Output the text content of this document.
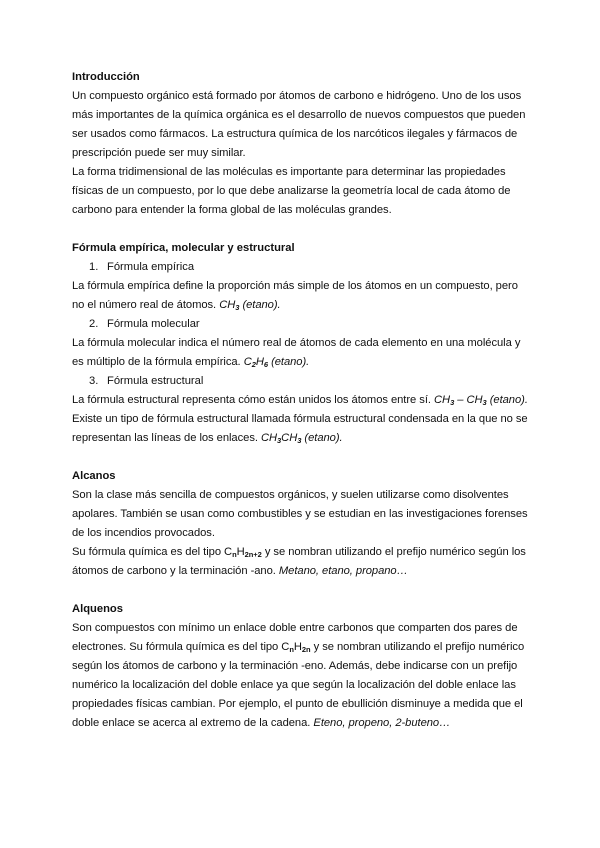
Introducción

Un compuesto orgánico está formado por átomos de carbono e hidrógeno. Uno de los usos más importantes de la química orgánica es el desarrollo de nuevos compuestos que pueden ser usados como fármacos. La estructura química de los narcóticos ilegales y fármacos de prescripción puede ser muy similar.

La forma tridimensional de las moléculas es importante para determinar las propiedades físicas de un compuesto, por lo que debe analizarse la geometría local de cada átomo de carbono para entender la forma global de las moléculas grandes.

Fórmula empírica, molecular y estructural
1. Fórmula empírica

La fórmula empírica define la proporción más simple de los átomos en un compuesto, pero no el número real de átomos. $CH_3$ (etano).

2. Fórmula molecular

La fórmula molecular indica el número real de átomos de cada elemento en una molécula y es múltiplo de la fórmula empírica. $C_2H_6$ (etano).

3. Fórmula estructural

La fórmula estructural representa cómo están unidos los átomos entre sí. $CH_3 - CH_3$ (etano). Existe un tipo de fórmula estructural llamada fórmula estructural condensada en la que no se representan las líneas de los enlaces. $CH_3CH_3$ (etano).

Alcanos

Son la clase más sencilla de compuestos orgánicos, y suelen utilizarse como disolventes apolares. También se usan como combustibles y se estudian en las investigaciones forenses de los incendios provocados.

Su fórmula química es del tipo $C_nH_{2n+2}$ y se nombran utilizando el prefijo numérico según los átomos de carbono y la terminación -ano. Metano, etano, propano…

Alquenos

Son compuestos con mínimo un enlace doble entre carbonos que comparten dos pares de electrones. Su fórmula química es del tipo $C_nH_{2n}$ y se nombran utilizando el prefijo numérico según los átomos de carbono y la terminación -eno. Además, debe indicarse con un prefijo numérico la localización del doble enlace ya que según la localización del doble enlace las propiedades físicas cambian. Por ejemplo, el punto de ebullición disminuye a medida que el doble enlace se acerca al extremo de la cadena. Eteno, propeno, 2-buteno…
